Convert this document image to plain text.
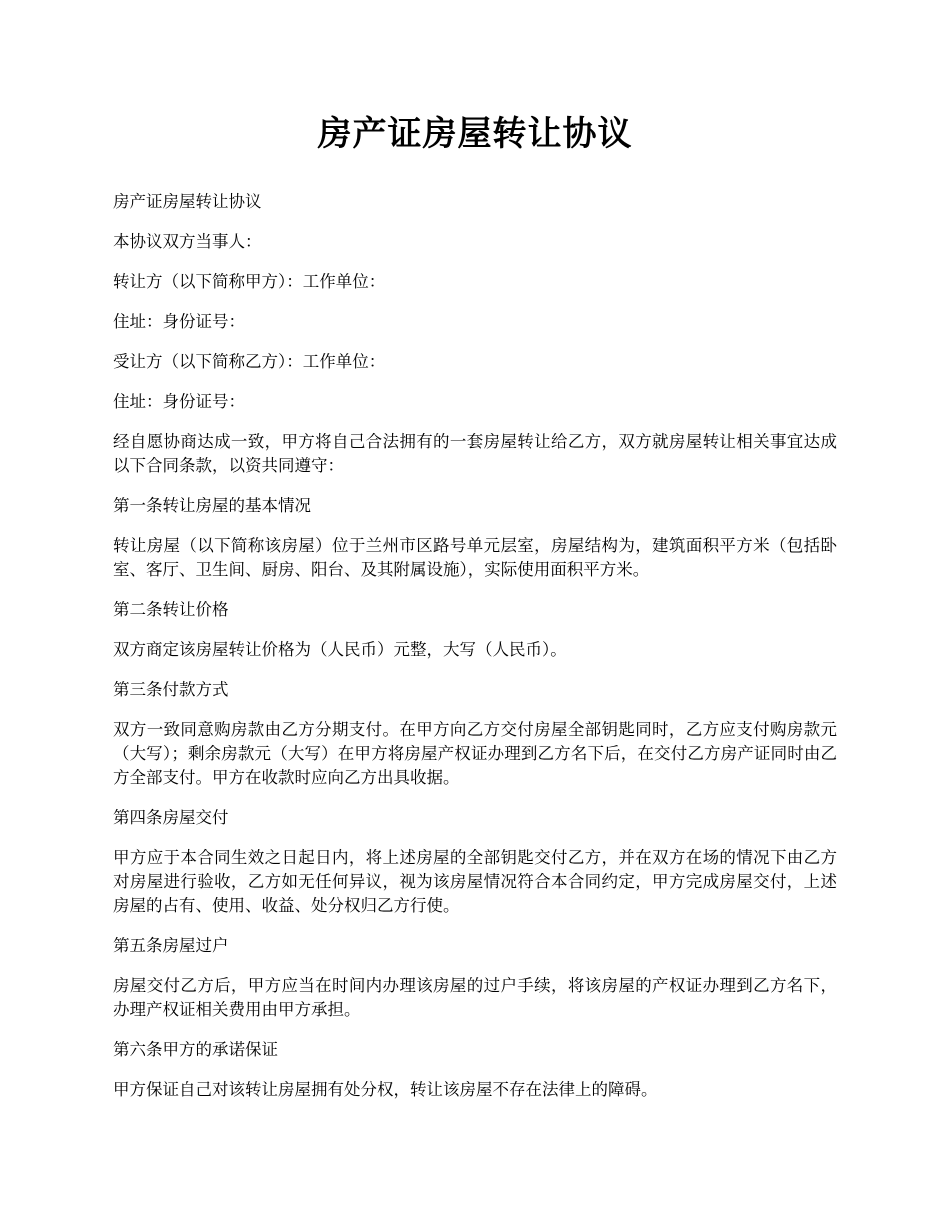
房产证房屋转让协议

房产证房屋转让协议

本协议双方当事人：

转让方（以下简称甲方）：工作单位：

住址：身份证号：

受让方（以下简称乙方）：工作单位：

住址：身份证号：

经自愿协商达成一致，甲方将自己合法拥有的一套房屋转让给乙方，双方就房屋转让相关事宜达成以下合同条款，以资共同遵守：

第一条转让房屋的基本情况

转让房屋（以下简称该房屋）位于兰州市区路号单元层室，房屋结构为，建筑面积平方米（包括卧室、客厅、卫生间、厨房、阳台、及其附属设施），实际使用面积平方米。

第二条转让价格

双方商定该房屋转让价格为（人民币）元整，大写（人民币）。

第三条付款方式

双方一致同意购房款由乙方分期支付。在甲方向乙方交付房屋全部钥匙同时，乙方应支付购房款元（大写）；剩余房款元（大写）在甲方将房屋产权证办理到乙方名下后，在交付乙方房产证同时由乙方全部支付。甲方在收款时应向乙方出具收据。

第四条房屋交付

甲方应于本合同生效之日起日内，将上述房屋的全部钥匙交付乙方，并在双方在场的情况下由乙方对房屋进行验收，乙方如无任何异议，视为该房屋情况符合本合同约定，甲方完成房屋交付，上述房屋的占有、使用、收益、处分权归乙方行使。

第五条房屋过户

房屋交付乙方后，甲方应当在时间内办理该房屋的过户手续，将该房屋的产权证办理到乙方名下，办理产权证相关费用由甲方承担。

第六条甲方的承诺保证

甲方保证自己对该转让房屋拥有处分权，转让该房屋不存在法律上的障碍。
